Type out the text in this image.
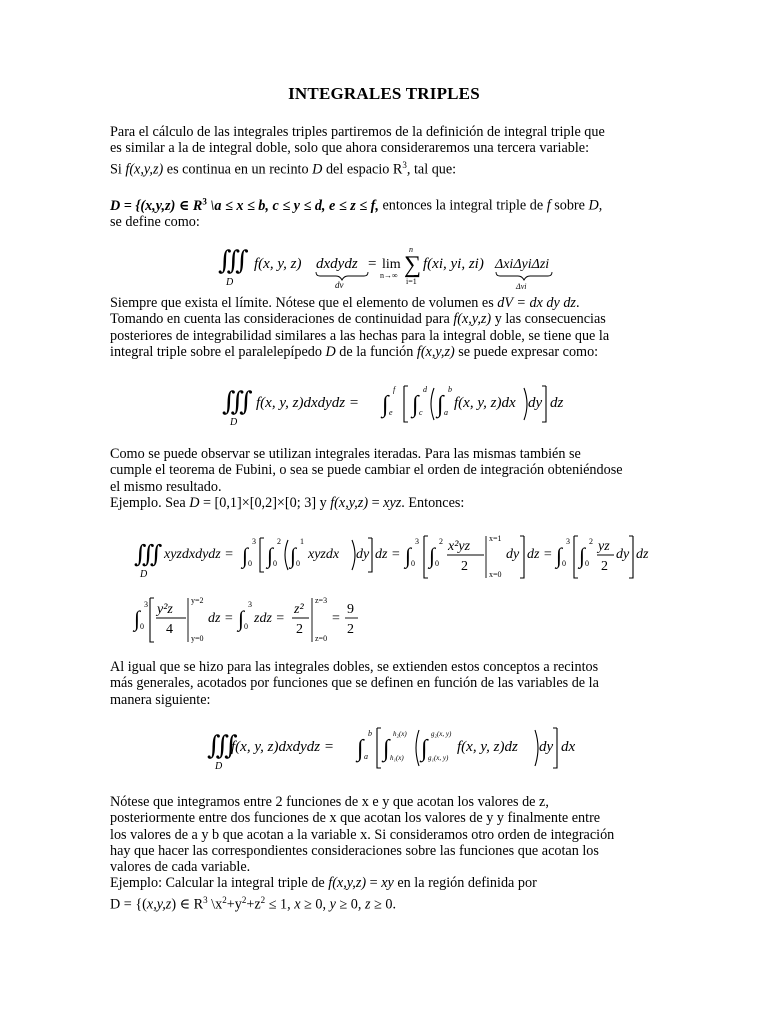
INTEGRALES TRIPLES

Para el cálculo de las integrales triples partiremos de la definición de integral triple que

es similar a la de integral doble, solo que ahora consideraremos una tercera variable:

Si f(x,y,z) es continua en un recinto D del espacio $R^3$, tal que:

D = {(x,y,z) ∈ $R^3$ \a ≤ x ≤ b, c ≤ y ≤ d, e ≤ z ≤ f, entonces la integral triple de f sobre D,

se define como:

∭
D
f(x, y, z) dxdydz
dv
= lim
n→∞ ∑
n
i=1
f(xi, yi, zi) ΔxiΔyiΔzi
Δvi

Siempre que exista el límite. Nótese que el elemento de volumen es dV = dx dy dz.

Tomando en cuenta las consideraciones de continuidad para f(x,y,z) y las consecuencias

posteriores de integrabilidad similares a las hechas para la integral doble, se tiene que la

integral triple sobre el paralelepípedo D de la función f(x,y,z) se puede expresar como:

∭
D
f(x, y, z)dxdydz = ∫
f
e ∫
d
c ∫
b
a
f(x, y, z)dx dy dz

Como se puede observar se utilizan integrales iteradas. Para las mismas también se

cumple el teorema de Fubini, o sea se puede cambiar el orden de integración obteniéndose

el mismo resultado.

Ejemplo. Sea D = [0,1]×[0,2]×[0; 3] y f(x,y,z) = xyz. Entonces:

∭
D
xyzdxdydz = ∫
3
0 ∫
2
0 ∫
1
0
xyzdx dy dz = ∫
3
0 ∫
2
0
x²yz
2
x=1
x=0
dy dz = ∫
3
0 ∫
2
0
yz
2
dy dz
∫
3
0
y²z
4
y=2
y=0
dz = ∫
3
0
zdz =
z²
2
z=3
z=0
=
9
2

Al igual que se hizo para las integrales dobles, se extienden estos conceptos a recintos

más generales, acotados por funciones que se definen en función de las variables de la

manera siguiente:

∭
D
f(x, y, z)dxdydz = ∫
b
a ∫
h₂(x)
h₁(x) ∫
g₂(x, y)
g₁(x, y)
f(x, y, z)dz dy dx

Nótese que integramos entre 2 funciones de x e y que acotan los valores de z,

posteriormente entre dos funciones de x que acotan los valores de y y finalmente entre

los valores de a y b que acotan a la variable x. Si consideramos otro orden de integración

hay que hacer las correspondientes consideraciones sobre las funciones que acotan los

valores de cada variable.

Ejemplo: Calcular la integral triple de f(x,y,z) = xy en la región definida por

D = {(x,y,z) ∈ $R^3$ $\backslash x^2+y^2+z^2 \le 1$, x ≥ 0, y ≥ 0, z ≥ 0.
